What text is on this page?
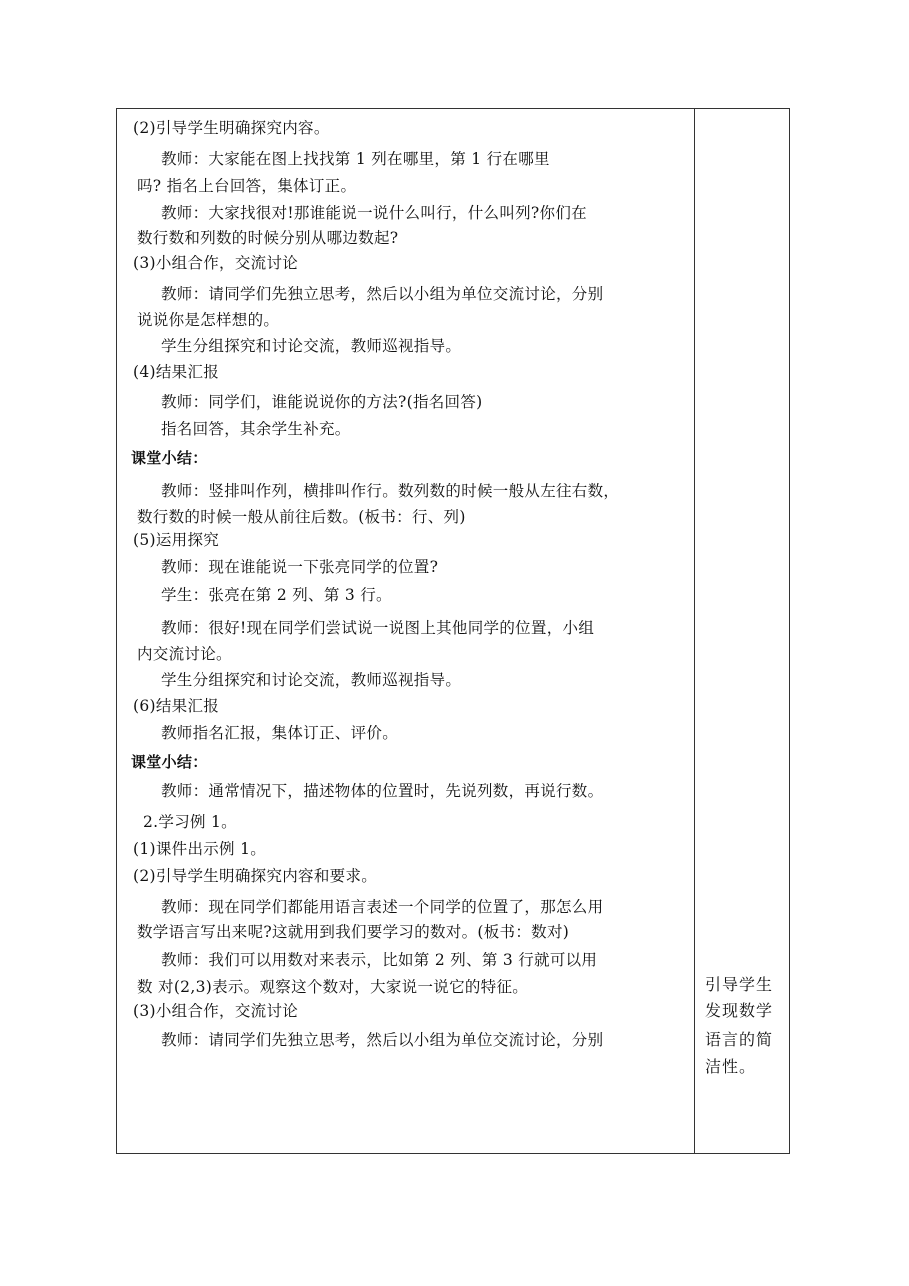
(2)引导学生明确探究内容。
教师：大家能在图上找找第 1 列在哪里，第 1 行在哪里
吗? 指名上台回答，集体订正。
教师：大家找很对!那谁能说一说什么叫行，什么叫列?你们在
数行数和列数的时候分别从哪边数起?
(3)小组合作，交流讨论
教师：请同学们先独立思考，然后以小组为单位交流讨论，分别
说说你是怎样想的。
学生分组探究和讨论交流，教师巡视指导。
(4)结果汇报
教师：同学们，谁能说说你的方法?(指名回答)
指名回答，其余学生补充。
课堂小结：
教师：竖排叫作列，横排叫作行。数列数的时候一般从左往右数，
数行数的时候一般从前往后数。(板书：行、列)
(5)运用探究
教师：现在谁能说一下张亮同学的位置?
学生：张亮在第 2 列、第 3 行。
教师：很好!现在同学们尝试说一说图上其他同学的位置，小组
内交流讨论。
学生分组探究和讨论交流，教师巡视指导。
(6)结果汇报
教师指名汇报，集体订正、评价。
课堂小结：
教师：通常情况下，描述物体的位置时，先说列数，再说行数。
2.学习例 1。
(1)课件出示例 1。
(2)引导学生明确探究内容和要求。
教师：现在同学们都能用语言表述一个同学的位置了，那怎么用
数学语言写出来呢?这就用到我们要学习的数对。(板书：数对)
教师：我们可以用数对来表示，比如第 2 列、第 3 行就可以用
数 对(2,3)表示。观察这个数对，大家说一说它的特征。
(3)小组合作，交流讨论
教师：请同学们先独立思考，然后以小组为单位交流讨论，分别
引导学生
发现数学
语言的简
洁性。
